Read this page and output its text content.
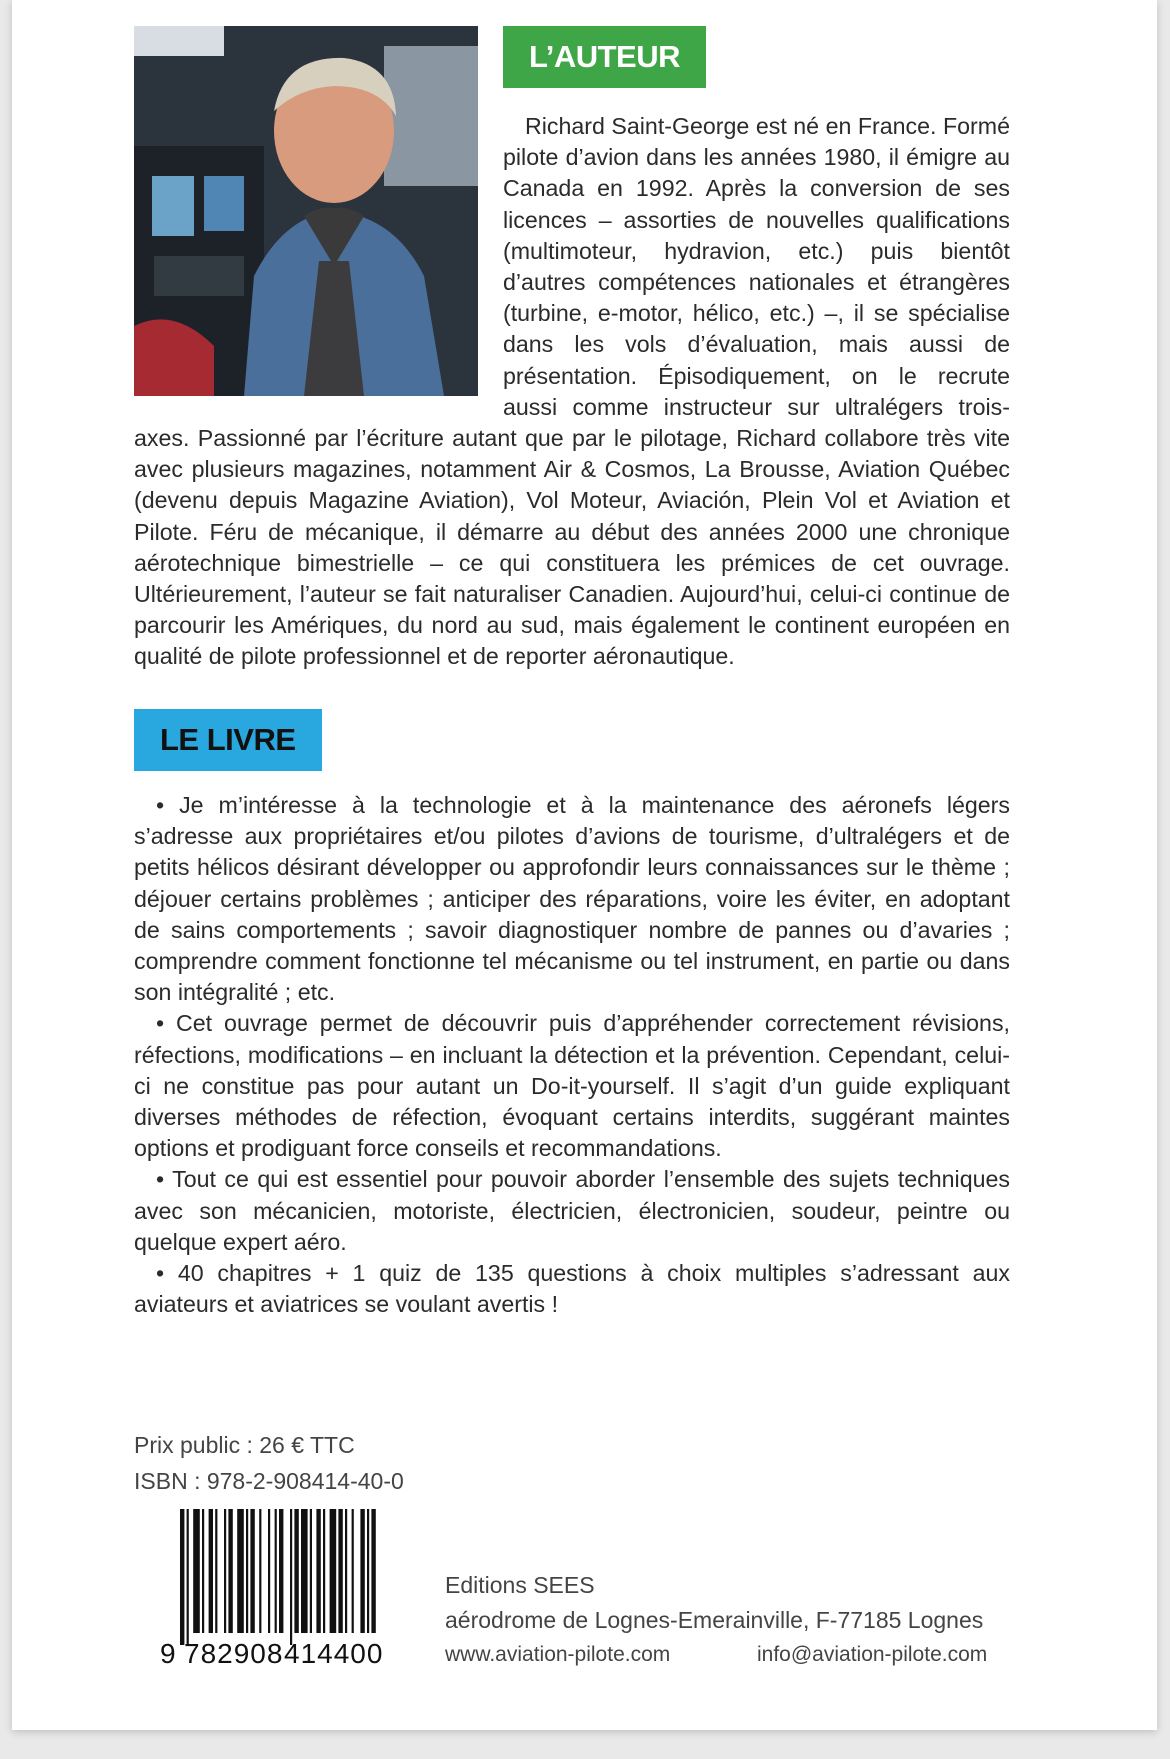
L’AUTEUR

Richard Saint-George est né en France. Formé pilote d’avion dans les années 1980, il émigre au Canada en 1992. Après la conversion de ses licences – assorties de nouvelles qualifications (multimoteur, hydravion, etc.) puis bientôt d’autres compétences nationales et étrangères (turbine, e-motor, hélico, etc.) –, il se spécialise dans les vols d’évaluation, mais aussi de présentation. Épisodiquement, on le recrute aussi comme instructeur sur ultralégers trois-axes. Passionné par l’écriture autant que par le pilotage, Richard collabore très vite avec plusieurs magazines, notamment Air & Cosmos, La Brousse, Aviation Québec (devenu depuis Magazine Aviation), Vol Moteur, Aviación, Plein Vol et Aviation et Pilote. Féru de mécanique, il démarre au début des années 2000 une chronique aérotechnique bimestrielle – ce qui constituera les prémices de cet ouvrage. Ultérieurement, l’auteur se fait naturaliser Canadien. Aujourd’hui, celui-ci continue de parcourir les Amériques, du nord au sud, mais également le continent européen en qualité de pilote professionnel et de reporter aéronautique.

LE LIVRE

• Je m’intéresse à la technologie et à la maintenance des aéronefs légers s’adresse aux propriétaires et/ou pilotes d’avions de tourisme, d’ultralégers et de petits hélicos désirant développer ou approfondir leurs connaissances sur le thème ; déjouer certains problèmes ; anticiper des réparations, voire les éviter, en adoptant de sains comportements ; savoir diagnostiquer nombre de pannes ou d’avaries ; comprendre comment fonctionne tel mécanisme ou tel instrument, en partie ou dans son intégralité ; etc.

• Cet ouvrage permet de découvrir puis d’appréhender correctement révisions, réfections, modifications – en incluant la détection et la prévention. Cependant, celui-ci ne constitue pas pour autant un Do-it-yourself. Il s’agit d’un guide expliquant diverses méthodes de réfection, évoquant certains interdits, suggérant maintes options et prodiguant force conseils et recommandations.

• Tout ce qui est essentiel pour pouvoir aborder l’ensemble des sujets techniques avec son mécanicien, motoriste, électricien, électronicien, soudeur, peintre ou quelque expert aéro.

• 40 chapitres + 1 quiz de 135 questions à choix multiples s’adressant aux aviateurs et aviatrices se voulant avertis !

Prix public : 26 € TTC
ISBN : 978-2-908414-40-0
9 782908 414400
Editions SEES
aérodrome de Lognes-Emerainville, F-77185 Lognes
www.aviation-pilote.com	info@aviation-pilote.com
